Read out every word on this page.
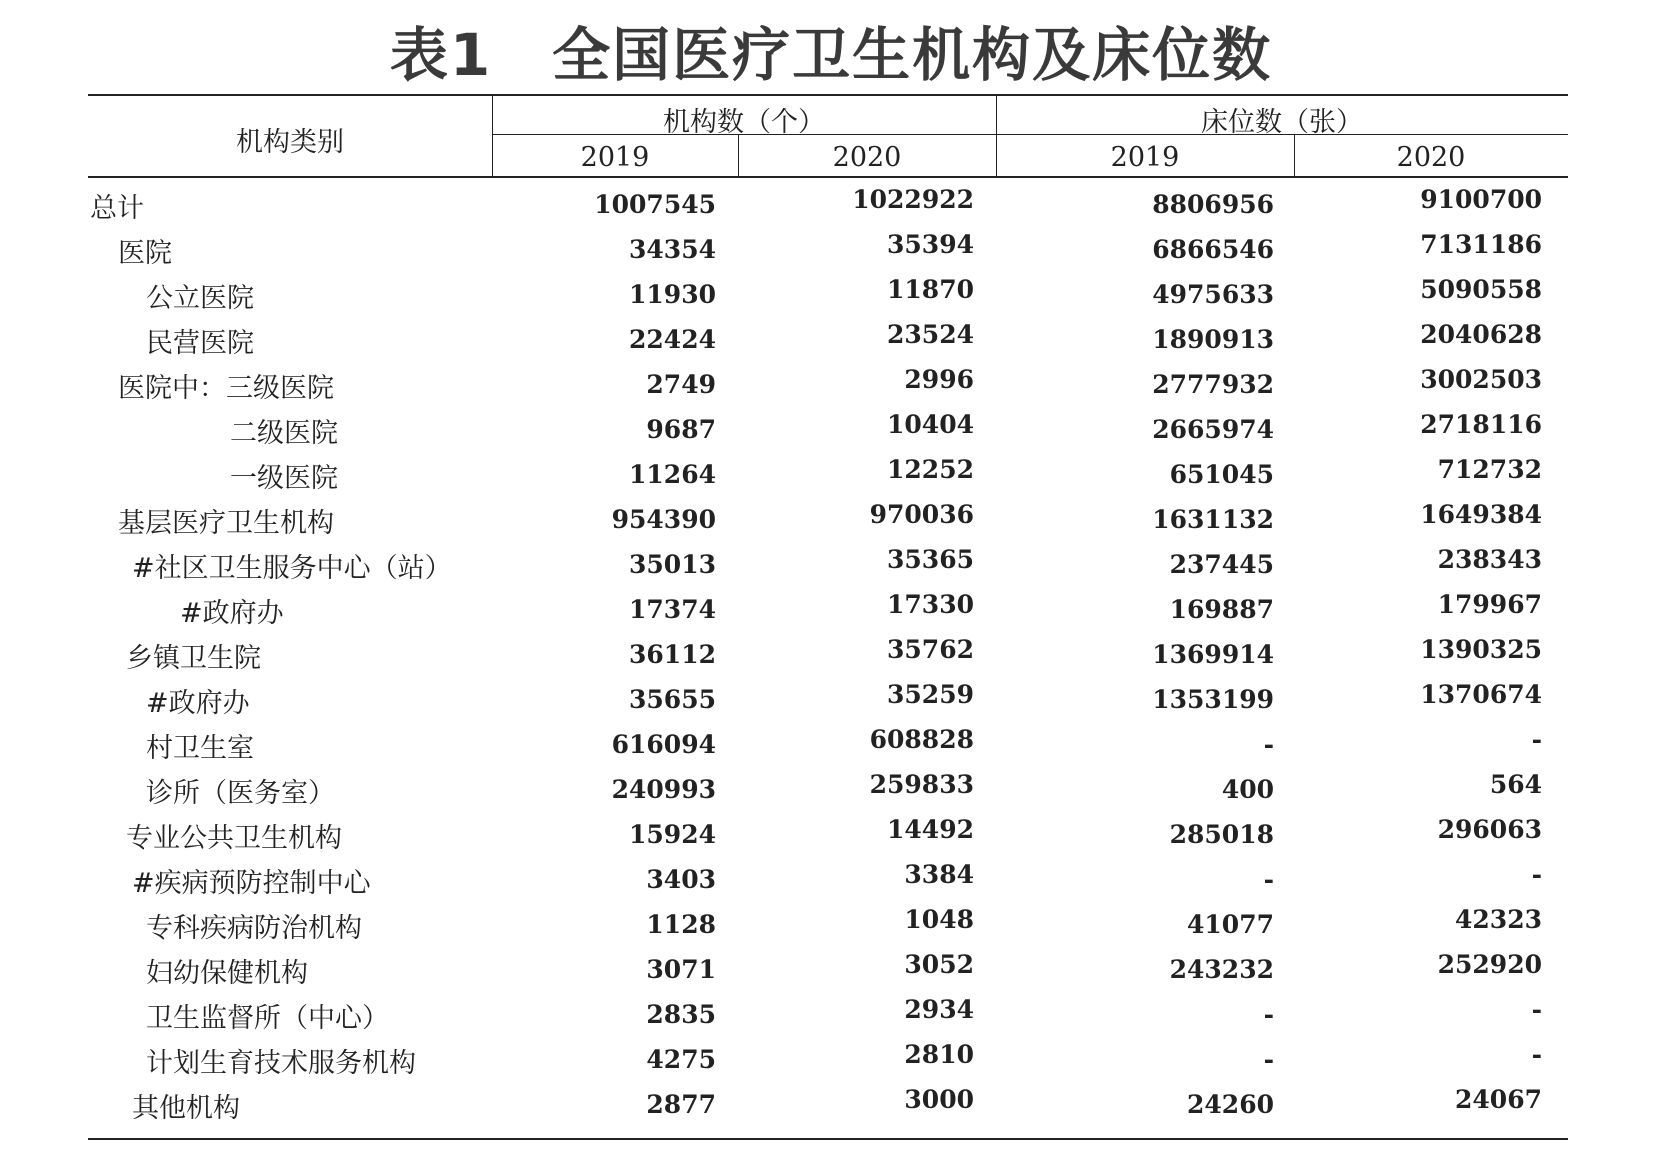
表1　全国医疗卫生机构及床位数
机构类别
机构数（个）	床位数（张）
2019	2020	2019	2020
总计	1007545	1022922	8806956	9100700
医院	34354	35394	6866546	7131186
公立医院	11930	11870	4975633	5090558
民营医院	22424	23524	1890913	2040628
医院中：三级医院	2749	2996	2777932	3002503
二级医院	9687	10404	2665974	2718116
一级医院	11264	12252	651045	712732
基层医疗卫生机构	954390	970036	1631132	1649384
#社区卫生服务中心（站）	35013	35365	237445	238343
#政府办	17374	17330	169887	179967
乡镇卫生院	36112	35762	1369914	1390325
#政府办	35655	35259	1353199	1370674
村卫生室	616094	608828	-	-
诊所（医务室）	240993	259833	400	564
专业公共卫生机构	15924	14492	285018	296063
#疾病预防控制中心	3403	3384	-	-
专科疾病防治机构	1128	1048	41077	42323
妇幼保健机构	3071	3052	243232	252920
卫生监督所（中心）	2835	2934	-	-
计划生育技术服务机构	4275	2810	-	-
其他机构	2877	3000	24260	24067
